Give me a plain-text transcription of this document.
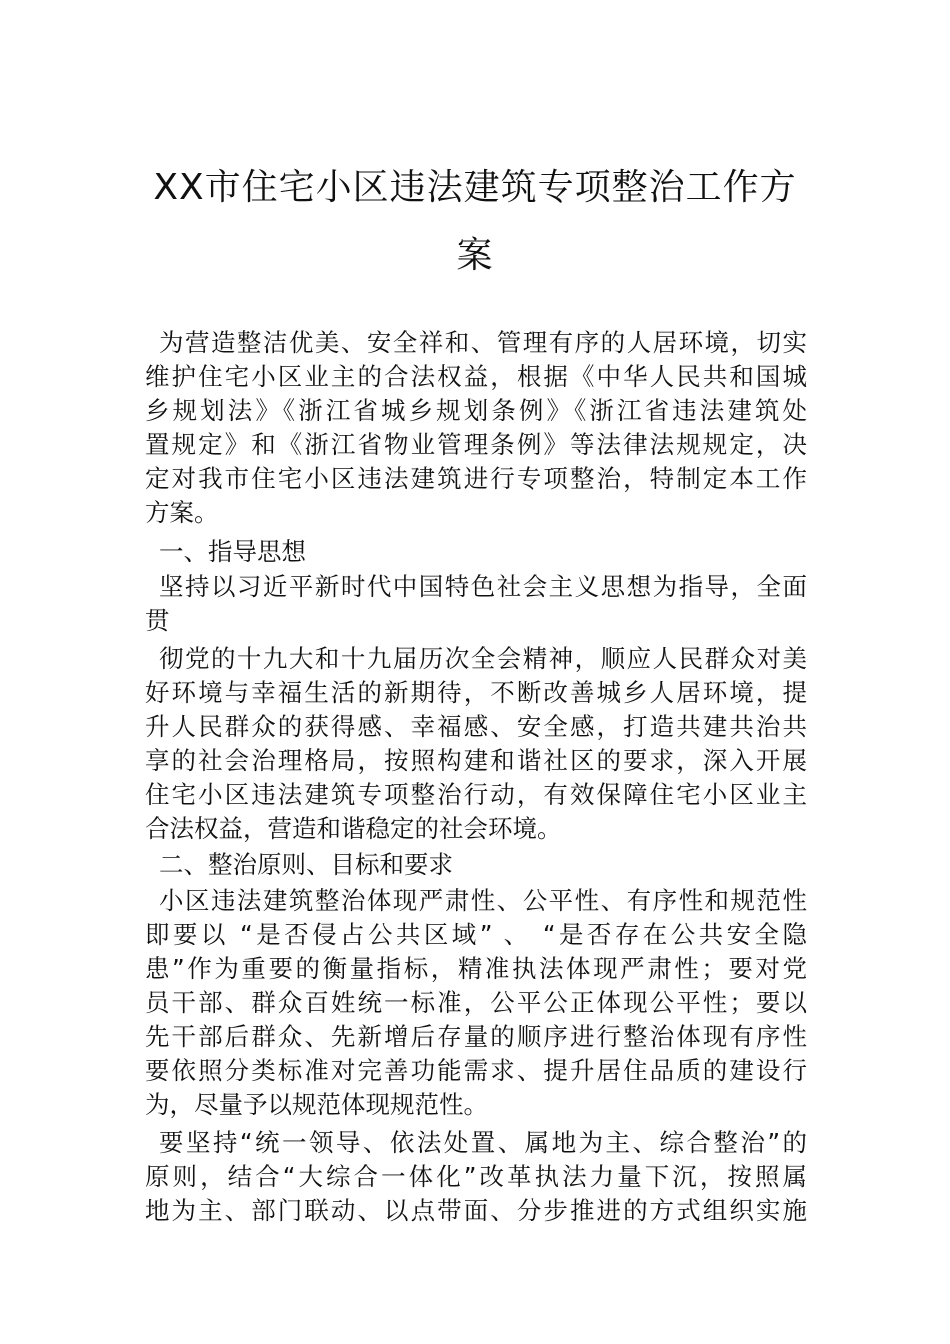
XX市住宅小区违法建筑专项整治工作方
案
为营造整洁优美、安全祥和、管理有序的人居环境，切实
维护住宅小区业主的合法权益，根据《中华人民共和国城
乡规划法》《浙江省城乡规划条例》《浙江省违法建筑处
置规定》和《浙江省物业管理条例》等法律法规规定，决
定对我市住宅小区违法建筑进行专项整治，特制定本工作
方案。
一、指导思想
坚持以习近平新时代中国特色社会主义思想为指导，全面
贯
彻党的十九大和十九届历次全会精神，顺应人民群众对美
好环境与幸福生活的新期待，不断改善城乡人居环境，提
升人民群众的获得感、幸福感、安全感，打造共建共治共
享的社会治理格局，按照构建和谐社区的要求，深入开展
住宅小区违法建筑专项整治行动，有效保障住宅小区业主
合法权益，营造和谐稳定的社会环境。
二、整治原则、目标和要求
小区违法建筑整治体现严肃性、公平性、有序性和规范性
即要以 “是否侵占公共区域” 、 “是否存在公共安全隐
患”作为重要的衡量指标，精准执法体现严肃性；要对党
员干部、群众百姓统一标准，公平公正体现公平性；要以
先干部后群众、先新增后存量的顺序进行整治体现有序性
要依照分类标准对完善功能需求、提升居住品质的建设行
为，尽量予以规范体现规范性。
要坚持“统一领导、依法处置、属地为主、综合整治”的
原则，结合“大综合一体化”改革执法力量下沉，按照属
地为主、部门联动、以点带面、分步推进的方式组织实施
